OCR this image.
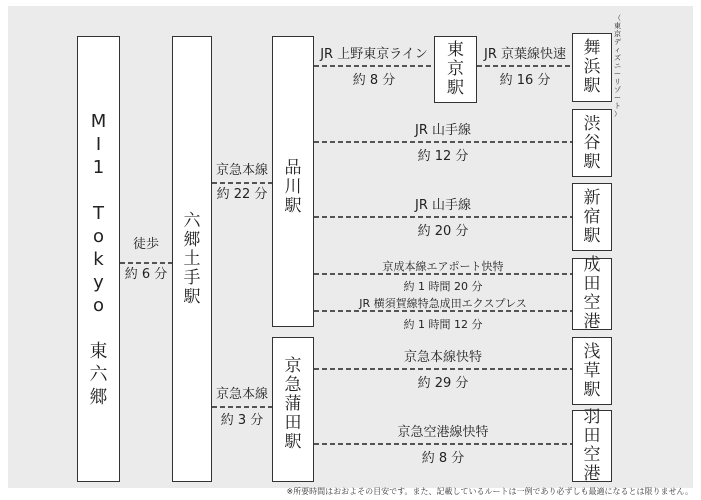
M
I
1

T
o
k
y
o

東
六
郷
六
郷
土
手
駅
品
川
駅
京
急
蒲
田
駅
東
京
駅
舞
浜
駅
（
東
京
デ
ィ
ズ
ニ
ー
リ
ゾ
ー
ト
）
渋
谷
駅
新
宿
駅
成
田
空
港
浅
草
駅
羽
田
空
港
徒歩
約 6 分
京急本線
約 22 分
京急本線
約 3 分
JR 上野東京ライン
約 8 分
JR 京葉線快速
約 16 分
JR 山手線
約 12 分
JR 山手線
約 20 分
京成本線エアポート快特
約 1 時間 20 分
JR 横須賀線特急成田エクスプレス
約 1 時間 12 分
京急本線快特
約 29 分
京急空港線快特
約 8 分
※所要時間はおおよその目安です。また、記載しているルートは一例であり必ずしも最適になるとは限りません。
